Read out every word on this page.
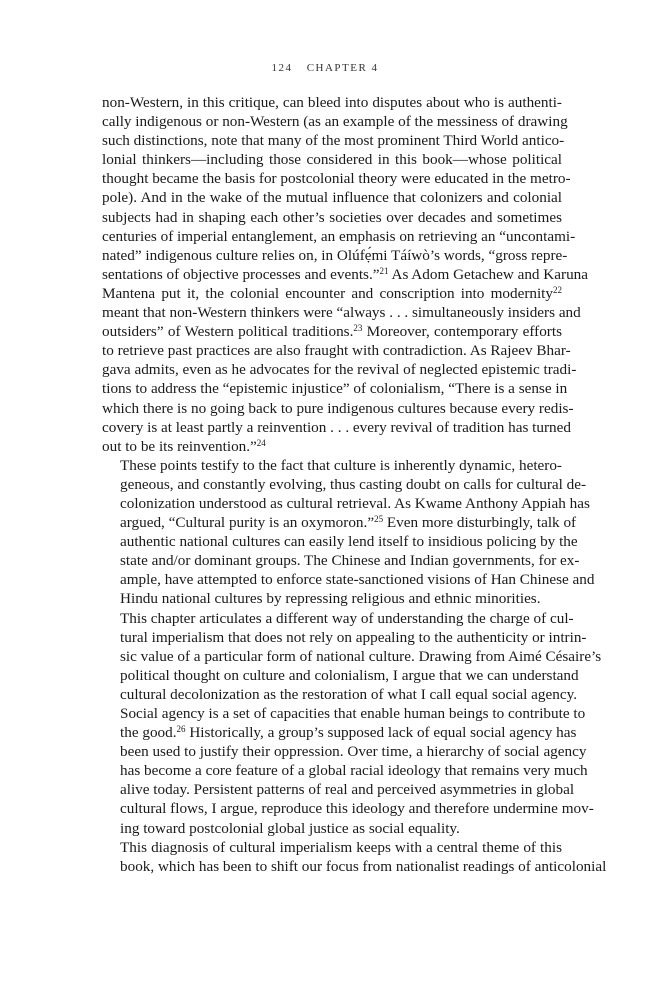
124 CHAPTER 4

non-Western, in this critique, can bleed into disputes about who is authenti-
cally indigenous or non-Western (as an example of the messiness of drawing
such distinctions, note that many of the most prominent Third World antico-
lonial thinkers—including those considered in this book—whose political
thought became the basis for postcolonial theory were educated in the metro-
pole). And in the wake of the mutual influence that colonizers and colonial
subjects had in shaping each other’s societies over decades and sometimes
centuries of imperial entanglement, an emphasis on retrieving an “uncontami-
nated” indigenous culture relies on, in Olúfẹ́mi Táíwò’s words, “gross repre-
sentations of objective processes and events.”$^{21}$ As Adom Getachew and Karuna
Mantena put it, the colonial encounter and conscription into modernity$^{22}$
meant that non-Western thinkers were “always . . . simultaneously insiders and
outsiders” of Western political traditions.$^{23}$ Moreover, contemporary efforts
to retrieve past practices are also fraught with contradiction. As Rajeev Bhar-
gava admits, even as he advocates for the revival of neglected epistemic tradi-
tions to address the “epistemic injustice” of colonialism, “There is a sense in
which there is no going back to pure indigenous cultures because every redis-
covery is at least partly a reinvention . . . every revival of tradition has turned
out to be its reinvention.”$^{24}$

These points testify to the fact that culture is inherently dynamic, hetero-
geneous, and constantly evolving, thus casting doubt on calls for cultural de-
colonization understood as cultural retrieval. As Kwame Anthony Appiah has
argued, “Cultural purity is an oxymoron.”$^{25}$ Even more disturbingly, talk of
authentic national cultures can easily lend itself to insidious policing by the
state and/or dominant groups. The Chinese and Indian governments, for ex-
ample, have attempted to enforce state-sanctioned visions of Han Chinese and
Hindu national cultures by repressing religious and ethnic minorities.

This chapter articulates a different way of understanding the charge of cul-
tural imperialism that does not rely on appealing to the authenticity or intrin-
sic value of a particular form of national culture. Drawing from Aimé Césaire’s
political thought on culture and colonialism, I argue that we can understand
cultural decolonization as the restoration of what I call equal social agency.
Social agency is a set of capacities that enable human beings to contribute to
the good.$^{26}$ Historically, a group’s supposed lack of equal social agency has
been used to justify their oppression. Over time, a hierarchy of social agency
has become a core feature of a global racial ideology that remains very much
alive today. Persistent patterns of real and perceived asymmetries in global
cultural flows, I argue, reproduce this ideology and therefore undermine mov-
ing toward postcolonial global justice as social equality.

This diagnosis of cultural imperialism keeps with a central theme of this
book, which has been to shift our focus from nationalist readings of anticolonial
